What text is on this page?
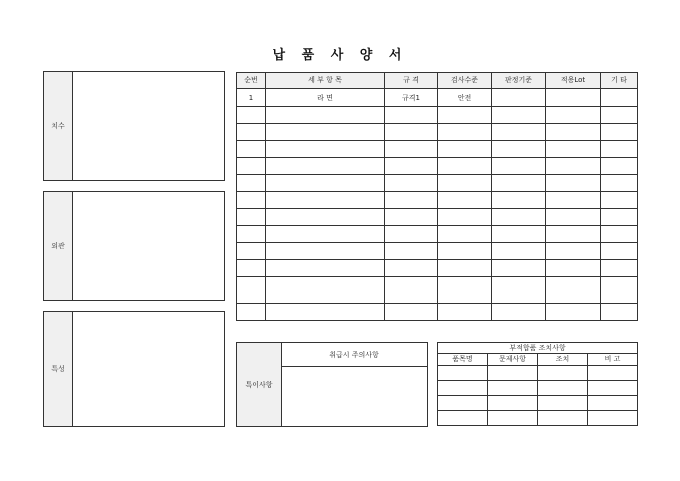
납 품 사 양 서
치수
외관
특성
순번	세 부 항 목	규 격	검사수준	판정기준	적용Lot	기 타
1	라 면	규격1	안전			

특이사항
취급시 주의사항
부적합품 조치사항			
품목명	문제사항	조치	비 고
